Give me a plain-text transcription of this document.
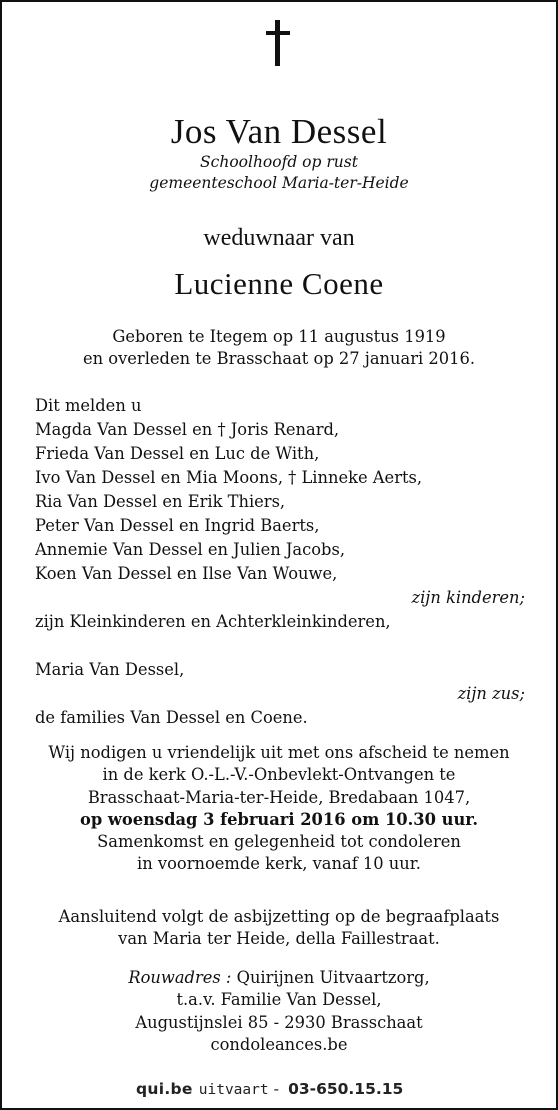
Jos Van Dessel
Schoolhoofd op rust
gemeenteschool Maria-ter-Heide
weduwnaar van
Lucienne Coene
Geboren te Itegem op 11 augustus 1919
en overleden te Brasschaat op 27 januari 2016.
Dit melden u
Magda Van Dessel en † Joris Renard,
Frieda Van Dessel en Luc de With,
Ivo Van Dessel en Mia Moons, † Linneke Aerts,
Ria Van Dessel en Erik Thiers,
Peter Van Dessel en Ingrid Baerts,
Annemie Van Dessel en Julien Jacobs,
Koen Van Dessel en Ilse Van Wouwe,
zijn kinderen;
zijn Kleinkinderen en Achterkleinkinderen,
Maria Van Dessel,
zijn zus;
de families Van Dessel en Coene.
Wij nodigen u vriendelijk uit met ons afscheid te nemen
in de kerk O.-L.-V.-Onbevlekt-Ontvangen te
Brasschaat-Maria-ter-Heide, Bredabaan 1047,
op woensdag 3 februari 2016 om 10.30 uur.
Samenkomst en gelegenheid tot condoleren
in voornoemde kerk, vanaf 10 uur.
Aansluitend volgt de asbijzetting op de begraafplaats
van Maria ter Heide, della Faillestraat.
Rouwadres : Quirijnen Uitvaartzorg,
t.a.v. Familie Van Dessel,
Augustijnslei 85 - 2930 Brasschaat
condoleances.be
qui.be uitvaart - 03-650.15.15
